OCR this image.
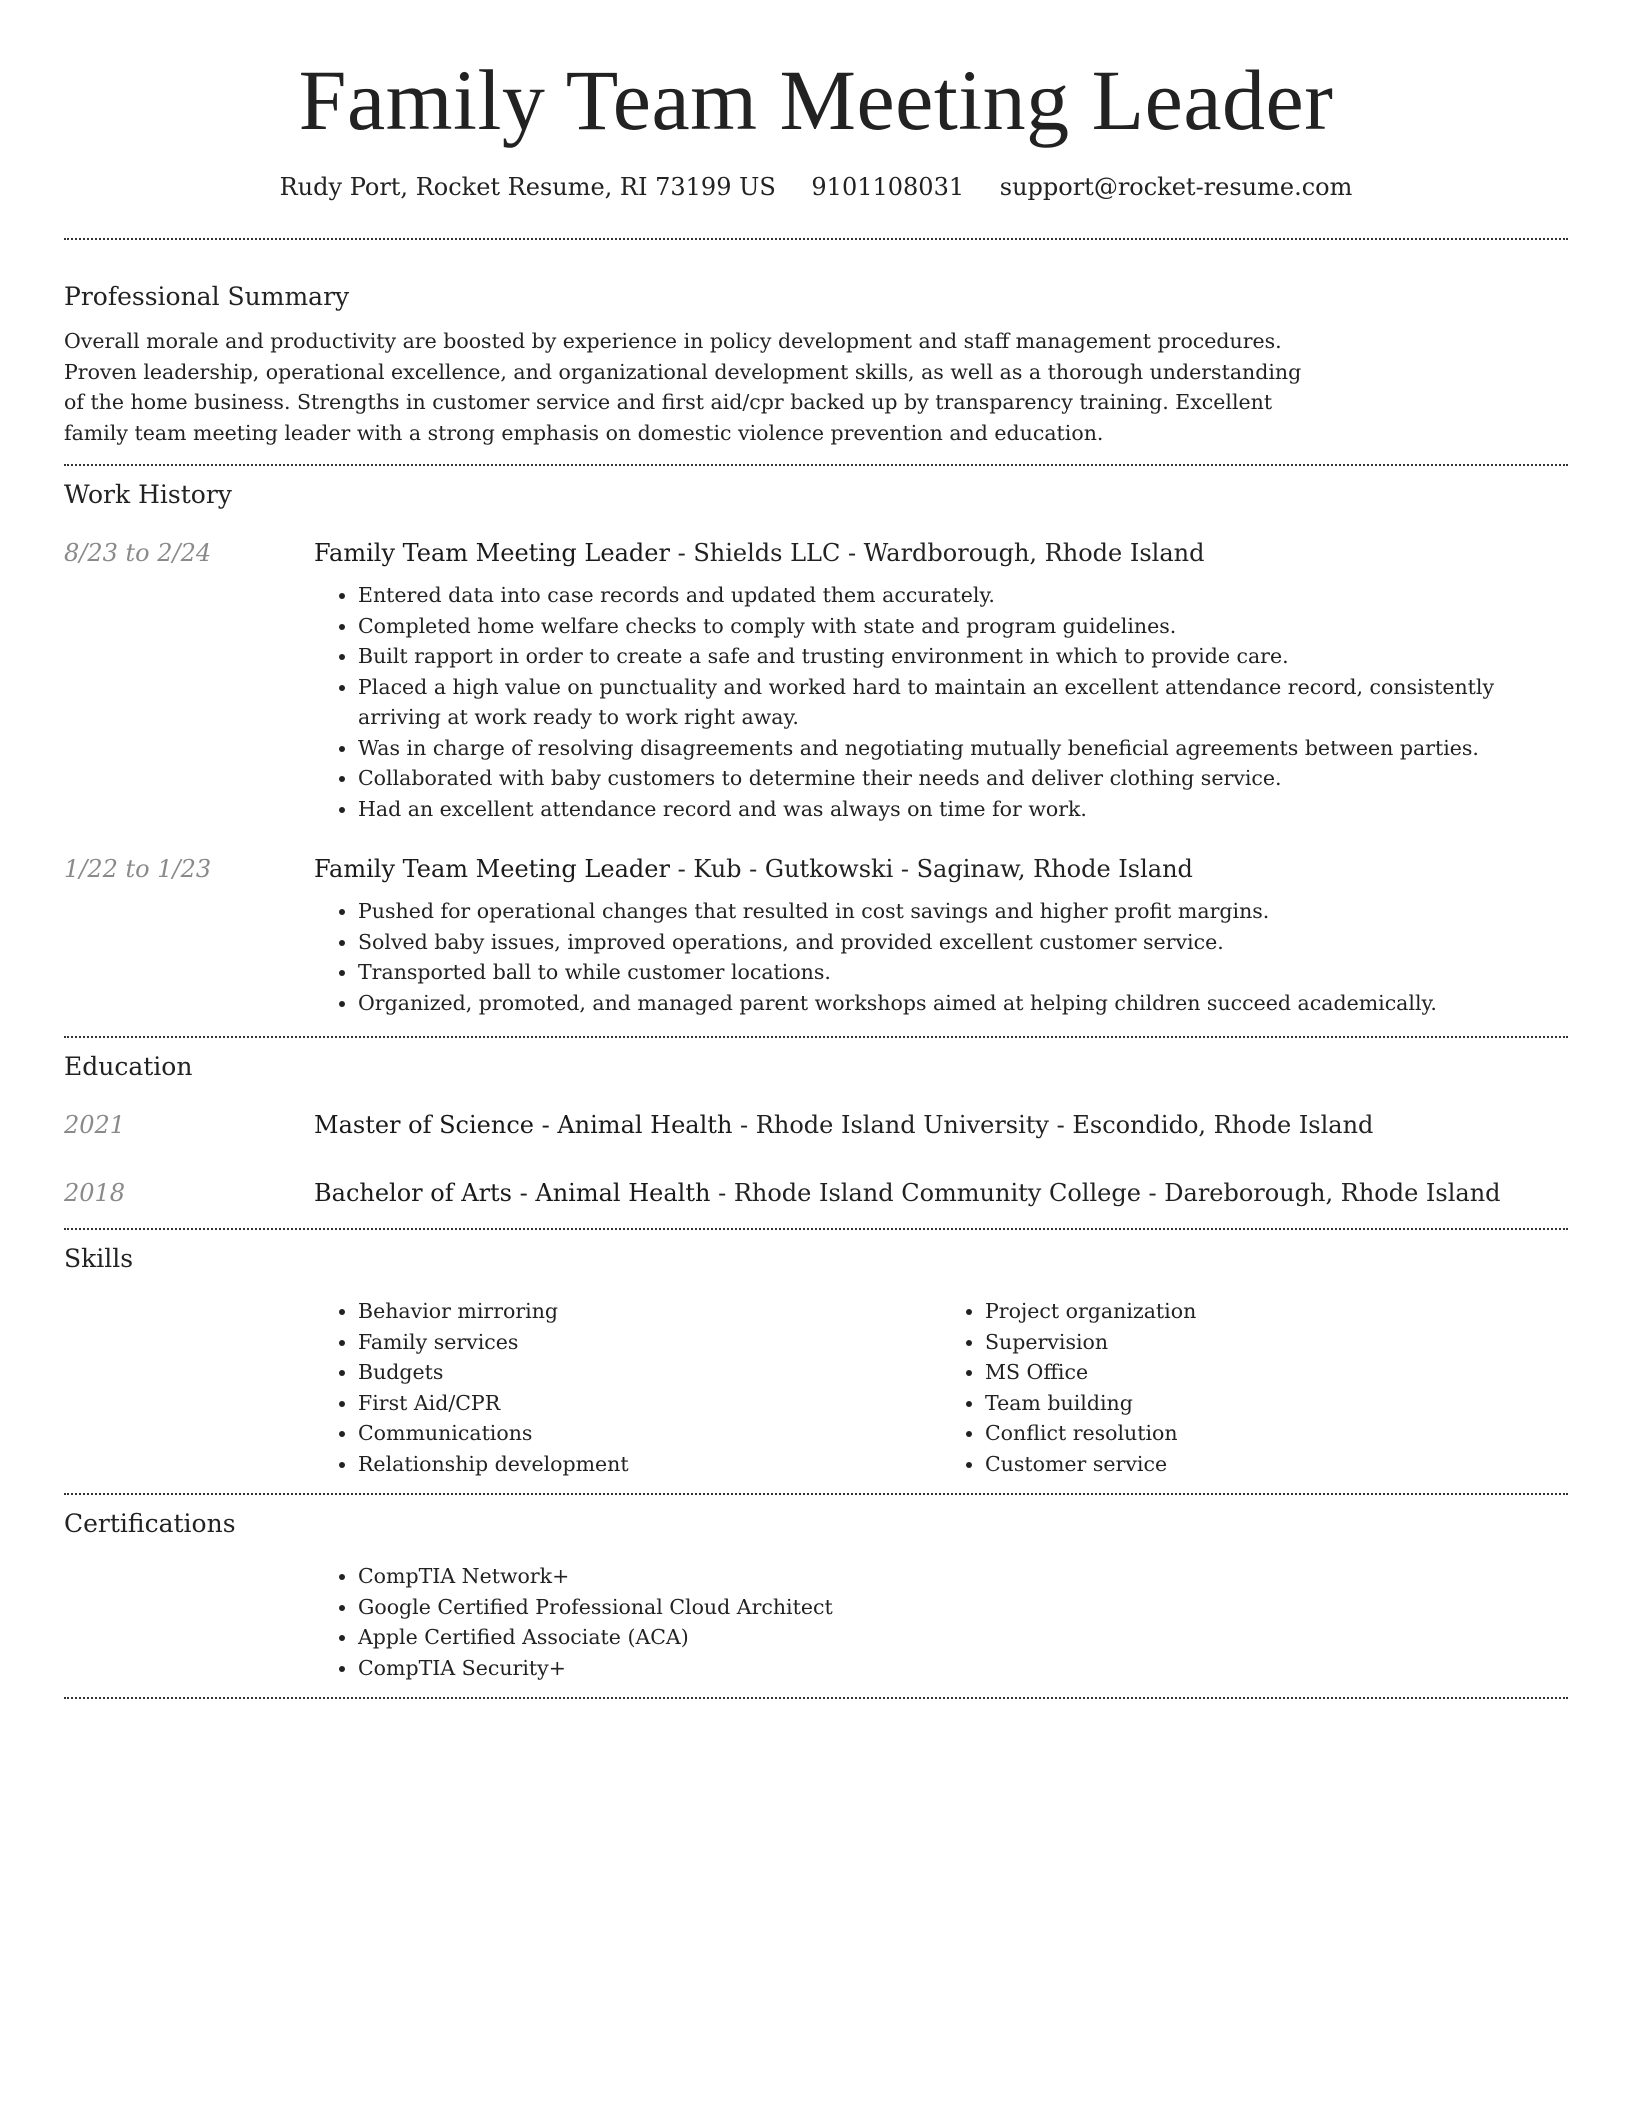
Family Team Meeting Leader
Rudy Port, Rocket Resume, RI 73199 US 9101108031 support@rocket-resume.com
Professional Summary

Overall morale and productivity are boosted by experience in policy development and staff management procedures. Proven leadership, operational excellence, and organizational development skills, as well as a thorough understanding of the home business. Strengths in customer service and first aid/cpr backed up by transparency training. Excellent family team meeting leader with a strong emphasis on domestic violence prevention and education.

Work History
8/23 to 2/24	Family Team Meeting Leader - Shields LLC - Wardborough, Rhode Island
• Entered data into case records and updated them accurately.
• Completed home welfare checks to comply with state and program guidelines.
• Built rapport in order to create a safe and trusting environment in which to provide care.
• Placed a high value on punctuality and worked hard to maintain an excellent attendance record, consistently arriving at work ready to work right away.
• Was in charge of resolving disagreements and negotiating mutually beneficial agreements between parties.
• Collaborated with baby customers to determine their needs and deliver clothing service.
• Had an excellent attendance record and was always on time for work.
1/22 to 1/23	Family Team Meeting Leader - Kub - Gutkowski - Saginaw, Rhode Island
• Pushed for operational changes that resulted in cost savings and higher profit margins.
• Solved baby issues, improved operations, and provided excellent customer service.
• Transported ball to while customer locations.
• Organized, promoted, and managed parent workshops aimed at helping children succeed academically.
Education
2021	Master of Science - Animal Health - Rhode Island University - Escondido, Rhode Island
2018	Bachelor of Arts - Animal Health - Rhode Island Community College - Dareborough, Rhode Island
Skills
• Behavior mirroring
• Family services
• Budgets
• First Aid/CPR
• Communications
• Relationship development
• Project organization
• Supervision
• MS Office
• Team building
• Conflict resolution
• Customer service
Certifications
• CompTIA Network+
• Google Certified Professional Cloud Architect
• Apple Certified Associate (ACA)
• CompTIA Security+
